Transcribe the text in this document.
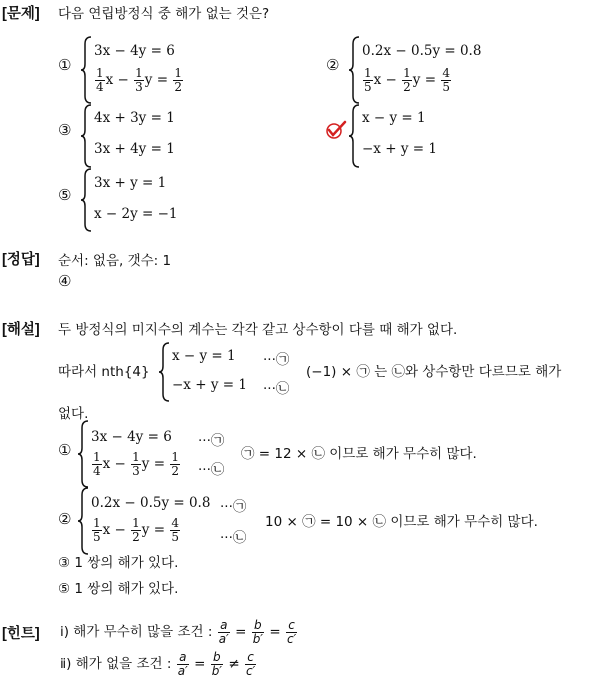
[문제] 다음 연립방정식 중 해가 없는 것은?
①
3x − 4y = 6
$\frac{1}{4}$ $x - \frac{1}{3}$ $y = \frac{1}{2}$
②
0.2x − 0.5y = 0.8
$\frac{1}{5}$ $x - \frac{1}{2}$ $y = \frac{4}{5}$
③
4x + 3y = 1
3x + 4y = 1
x − y = 1
−x + y = 1
⑤
3x + y = 1
x − 2y = −1
[정답] 순서: 없음, 갯수: 1
④
[해설] 두 방정식의 미지수의 계수는 각각 같고 상수항이 다를 때 해가 없다.
따라서 nth{4}
x − y = 1
−x + y = 1
···㉠
···㉡
(−1) × ㉠ 는 ㉡와 상수항만 다르므로 해가
없다.
①
3x − 4y = 6
$\frac{1}{4}$ $x - \frac{1}{3}$ $y = \frac{1}{2}$
···㉠
···㉡
㉠ = 12 × ㉡ 이므로 해가 무수히 많다.
②
0.2x − 0.5y = 0.8
$\frac{1}{5}$ $x - \frac{1}{2}$ $y = \frac{4}{5}$
···㉠
···㉡
10 × ㉠ = 10 × ㉡ 이므로 해가 무수히 많다.
③ 1 쌍의 해가 있다.
⑤ 1 쌍의 해가 있다.
[힌트] ⅰ) 해가 무수히 많을 조건 : $\frac{a}{a'} = \frac{b}{b'} = \frac{c}{c'}$
ⅱ) 해가 없을 조건 : $\frac{a}{a'} = \frac{b}{b'} \ne \frac{c}{c'}$
